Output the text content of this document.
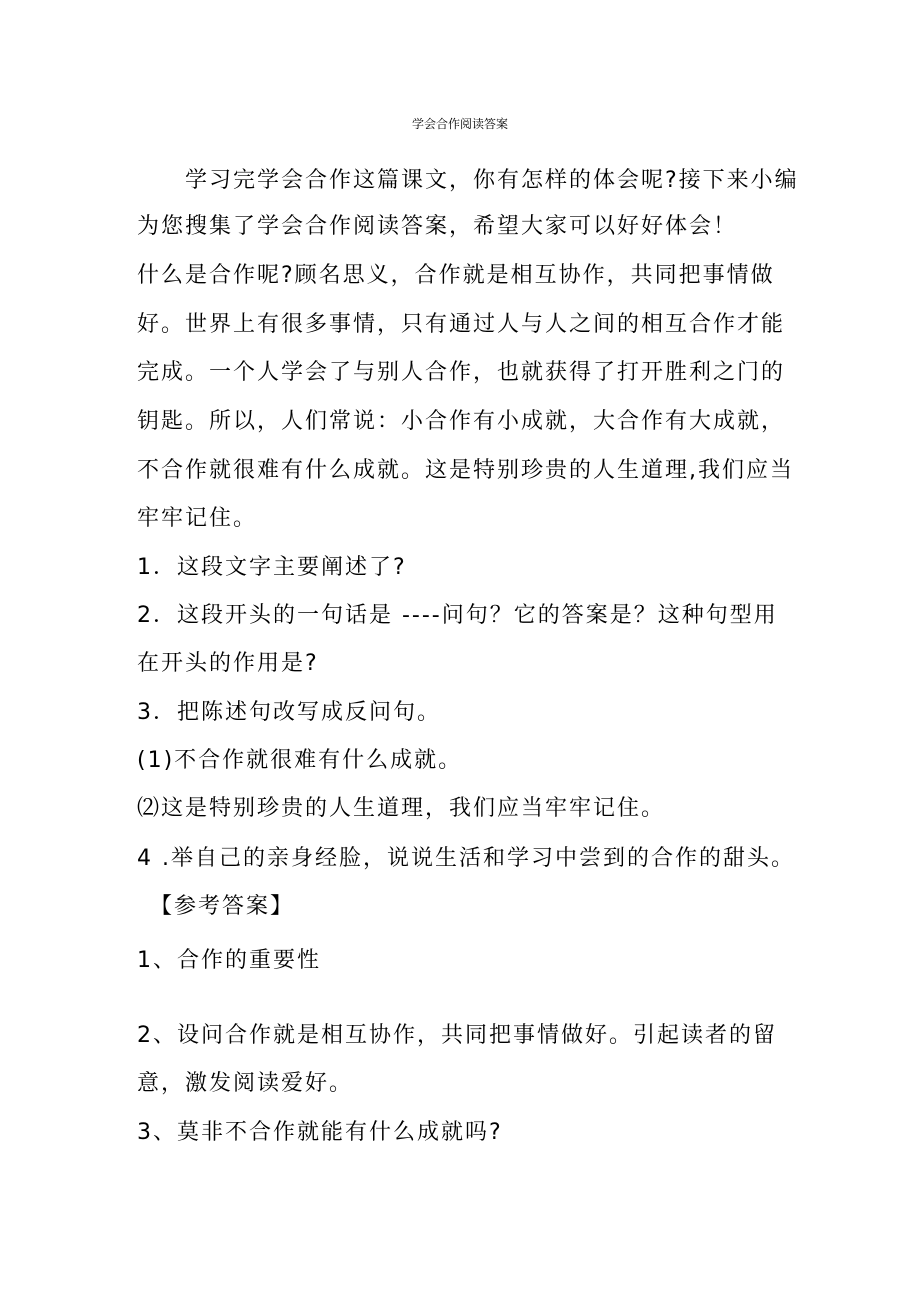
学会合作阅读答案
学习完学会合作这篇课文，你有怎样的体会呢?接下来小编
为您搜集了学会合作阅读答案，希望大家可以好好体会！
什么是合作呢?顾名思义，合作就是相互协作，共同把事情做
好。世界上有很多事情，只有通过人与人之间的相互合作才能
完成。一个人学会了与别人合作，也就获得了打开胜利之门的
钥匙。所以，人们常说：小合作有小成就，大合作有大成就，
不合作就很难有什么成就。这是特别珍贵的人生道理,我们应当
牢牢记住。
1．这段文字主要阐述了?
2．这段开头的一句话是 ----问句？它的答案是？这种句型用
在开头的作用是?
3．把陈述句改写成反问句。
(1)不合作就很难有什么成就。
⑵这是特别珍贵的人生道理，我们应当牢牢记住。
4 .举自己的亲身经脸，说说生活和学习中尝到的合作的甜头。
【参考答案】
1、合作的重要性
2、设问合作就是相互协作，共同把事情做好。引起读者的留
意，激发阅读爱好。
3、莫非不合作就能有什么成就吗?
